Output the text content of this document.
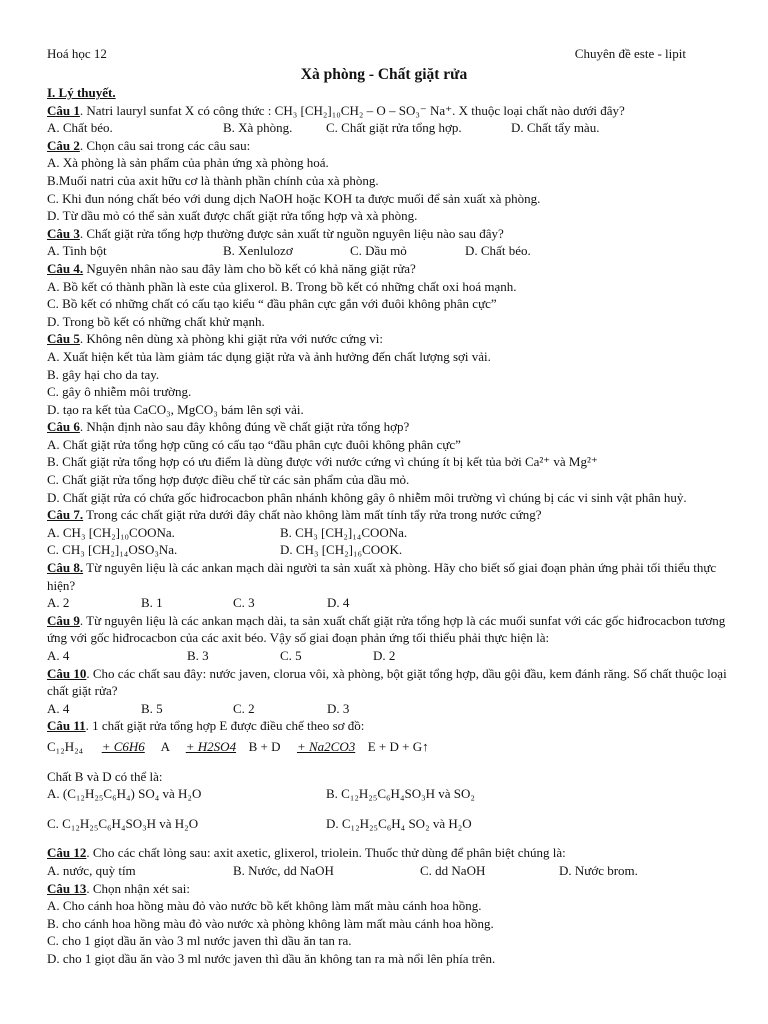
Hoá học 12	Chuyên đề este - lipit
Xà phòng - Chất giặt rửa
I. Lý thuyết.
Câu 1. Natri lauryl sunfat X có công thức : CH₃ [CH₂]₁₀CH₂ – O – SO₃⁻ Na⁺. X thuộc loại chất nào dưới đây?
A. Chất béo.	B. Xà phòng.	C. Chất giặt rửa tổng hợp.	D. Chất tẩy màu.
Câu 2. Chọn câu sai trong các câu sau:
A. Xà phòng là sản phẩm của phản ứng xà phòng hoá.
B.Muối natri của axit hữu cơ là thành phần chính của xà phòng.
C. Khi đun nóng chất béo với dung dịch NaOH hoặc KOH ta được muối để sản xuất xà phòng.
D. Từ dầu mỏ có thể sản xuất được chất giặt rửa tổng hợp và xà phòng.
Câu 3. Chất giặt rửa tổng hợp thường được sản xuất từ nguồn nguyên liệu nào sau đây?
A. Tinh bột	B. Xenlulozơ	C. Dầu mỏ	D. Chất béo.
Câu 4. Nguyên nhân nào sau đây làm cho bồ kết có khả năng giặt rửa?
A. Bồ kết có thành phần là este của glixerol. B. Trong bồ kết có những chất oxi hoá mạnh.
C. Bồ kết có những chất có cấu tạo kiểu “ đầu phân cực gắn với đuôi không phân cực”
D. Trong bồ kết có những chất khử mạnh.
Câu 5. Không nên dùng xà phòng khi giặt rửa với nước cứng vì:
A. Xuất hiện kết tủa làm giảm tác dụng giặt rửa và ảnh hưởng đến chất lượng sợi vải.
B. gây hại cho da tay.
C. gây ô nhiễm môi trường.
D. tạo ra kết tủa CaCO₃, MgCO₃ bám lên sợi vải.
Câu 6. Nhận định nào sau đây không đúng về chất giặt rửa tổng hợp?
A. Chất giặt rửa tổng hợp cũng có cấu tạo “đầu phân cực đuôi không phân cực”
B. Chất giặt rửa tổng hợp có ưu điểm là dùng được với nước cứng vì chúng ít bị kết tủa bởi Ca²⁺ và Mg²⁺
C. Chất giặt rửa tổng hợp được điều chế từ các sản phẩm của dầu mỏ.
D. Chất giặt rửa có chứa gốc hiđrocacbon phân nhánh không gây ô nhiễm môi trường vì chúng bị các vi sinh vật phân huỷ.
Câu 7. Trong các chất giặt rửa dưới đây chất nào không làm mất tính tẩy rửa trong nước cứng?
A. CH₃ [CH₂]₁₀COONa.	B. CH₃ [CH₂]₁₄COONa.
C. CH₃ [CH₂]₁₄OSO₃Na.	D. CH₃ [CH₂]₁₆COOK.
Câu 8. Từ nguyên liệu là các ankan mạch dài người ta sản xuất xà phòng. Hãy cho biết số giai đoạn phản ứng phải tối thiểu thực hiện?
A. 2	B. 1	C. 3	D. 4
Câu 9. Từ nguyên liệu là các ankan mạch dài, ta sản xuất chất giặt rửa tổng hợp là các muối sunfat với các gốc hiđrocacbon tương ứng với gốc hiđrocacbon của các axit béo. Vậy số giai đoạn phản ứng tối thiểu phải thực hiện là:
A. 4	B. 3	C. 5	D. 2
Câu 10. Cho các chất sau đây: nước javen, clorua vôi, xà phòng, bột giặt tổng hợp, dầu gội đầu, kem đánh răng. Số chất thuộc loại chất giặt rửa?
A. 4	B. 5	C. 2	D. 3
Câu 11. 1 chất giặt rửa tổng hợp E được điều chế theo sơ đồ:
C₁₂H₂₄ + C6H6 A + H2SO4 B + D + Na2CO3 E + D + G↑
Chất B và D có thể là:
A. (C₁₂H₂₅C₆H₄) SO₄ và H₂O	B. C₁₂H₂₅C₆H₄SO₃H và SO₂
C. C₁₂H₂₅C₆H₄SO₃H và H₂O	D. C₁₂H₂₅C₆H₄ SO₂ và H₂O
Câu 12. Cho các chất lỏng sau: axit axetic, glixerol, triolein. Thuốc thử dùng để phân biệt chúng là:
A. nước, quỳ tím	B. Nước, dd NaOH	C. dd NaOH	D. Nước brom.
Câu 13. Chọn nhận xét sai:
A. Cho cánh hoa hồng màu đỏ vào nước bồ kết không làm mất màu cánh hoa hồng.
B. cho cánh hoa hồng màu đỏ vào nước xà phòng không làm mất màu cánh hoa hồng.
C. cho 1 giọt dầu ăn vào 3 ml nước javen thì dầu ăn tan ra.
D. cho 1 giọt dầu ăn vào 3 ml nước javen thì dầu ăn không tan ra mà nổi lên phía trên.
